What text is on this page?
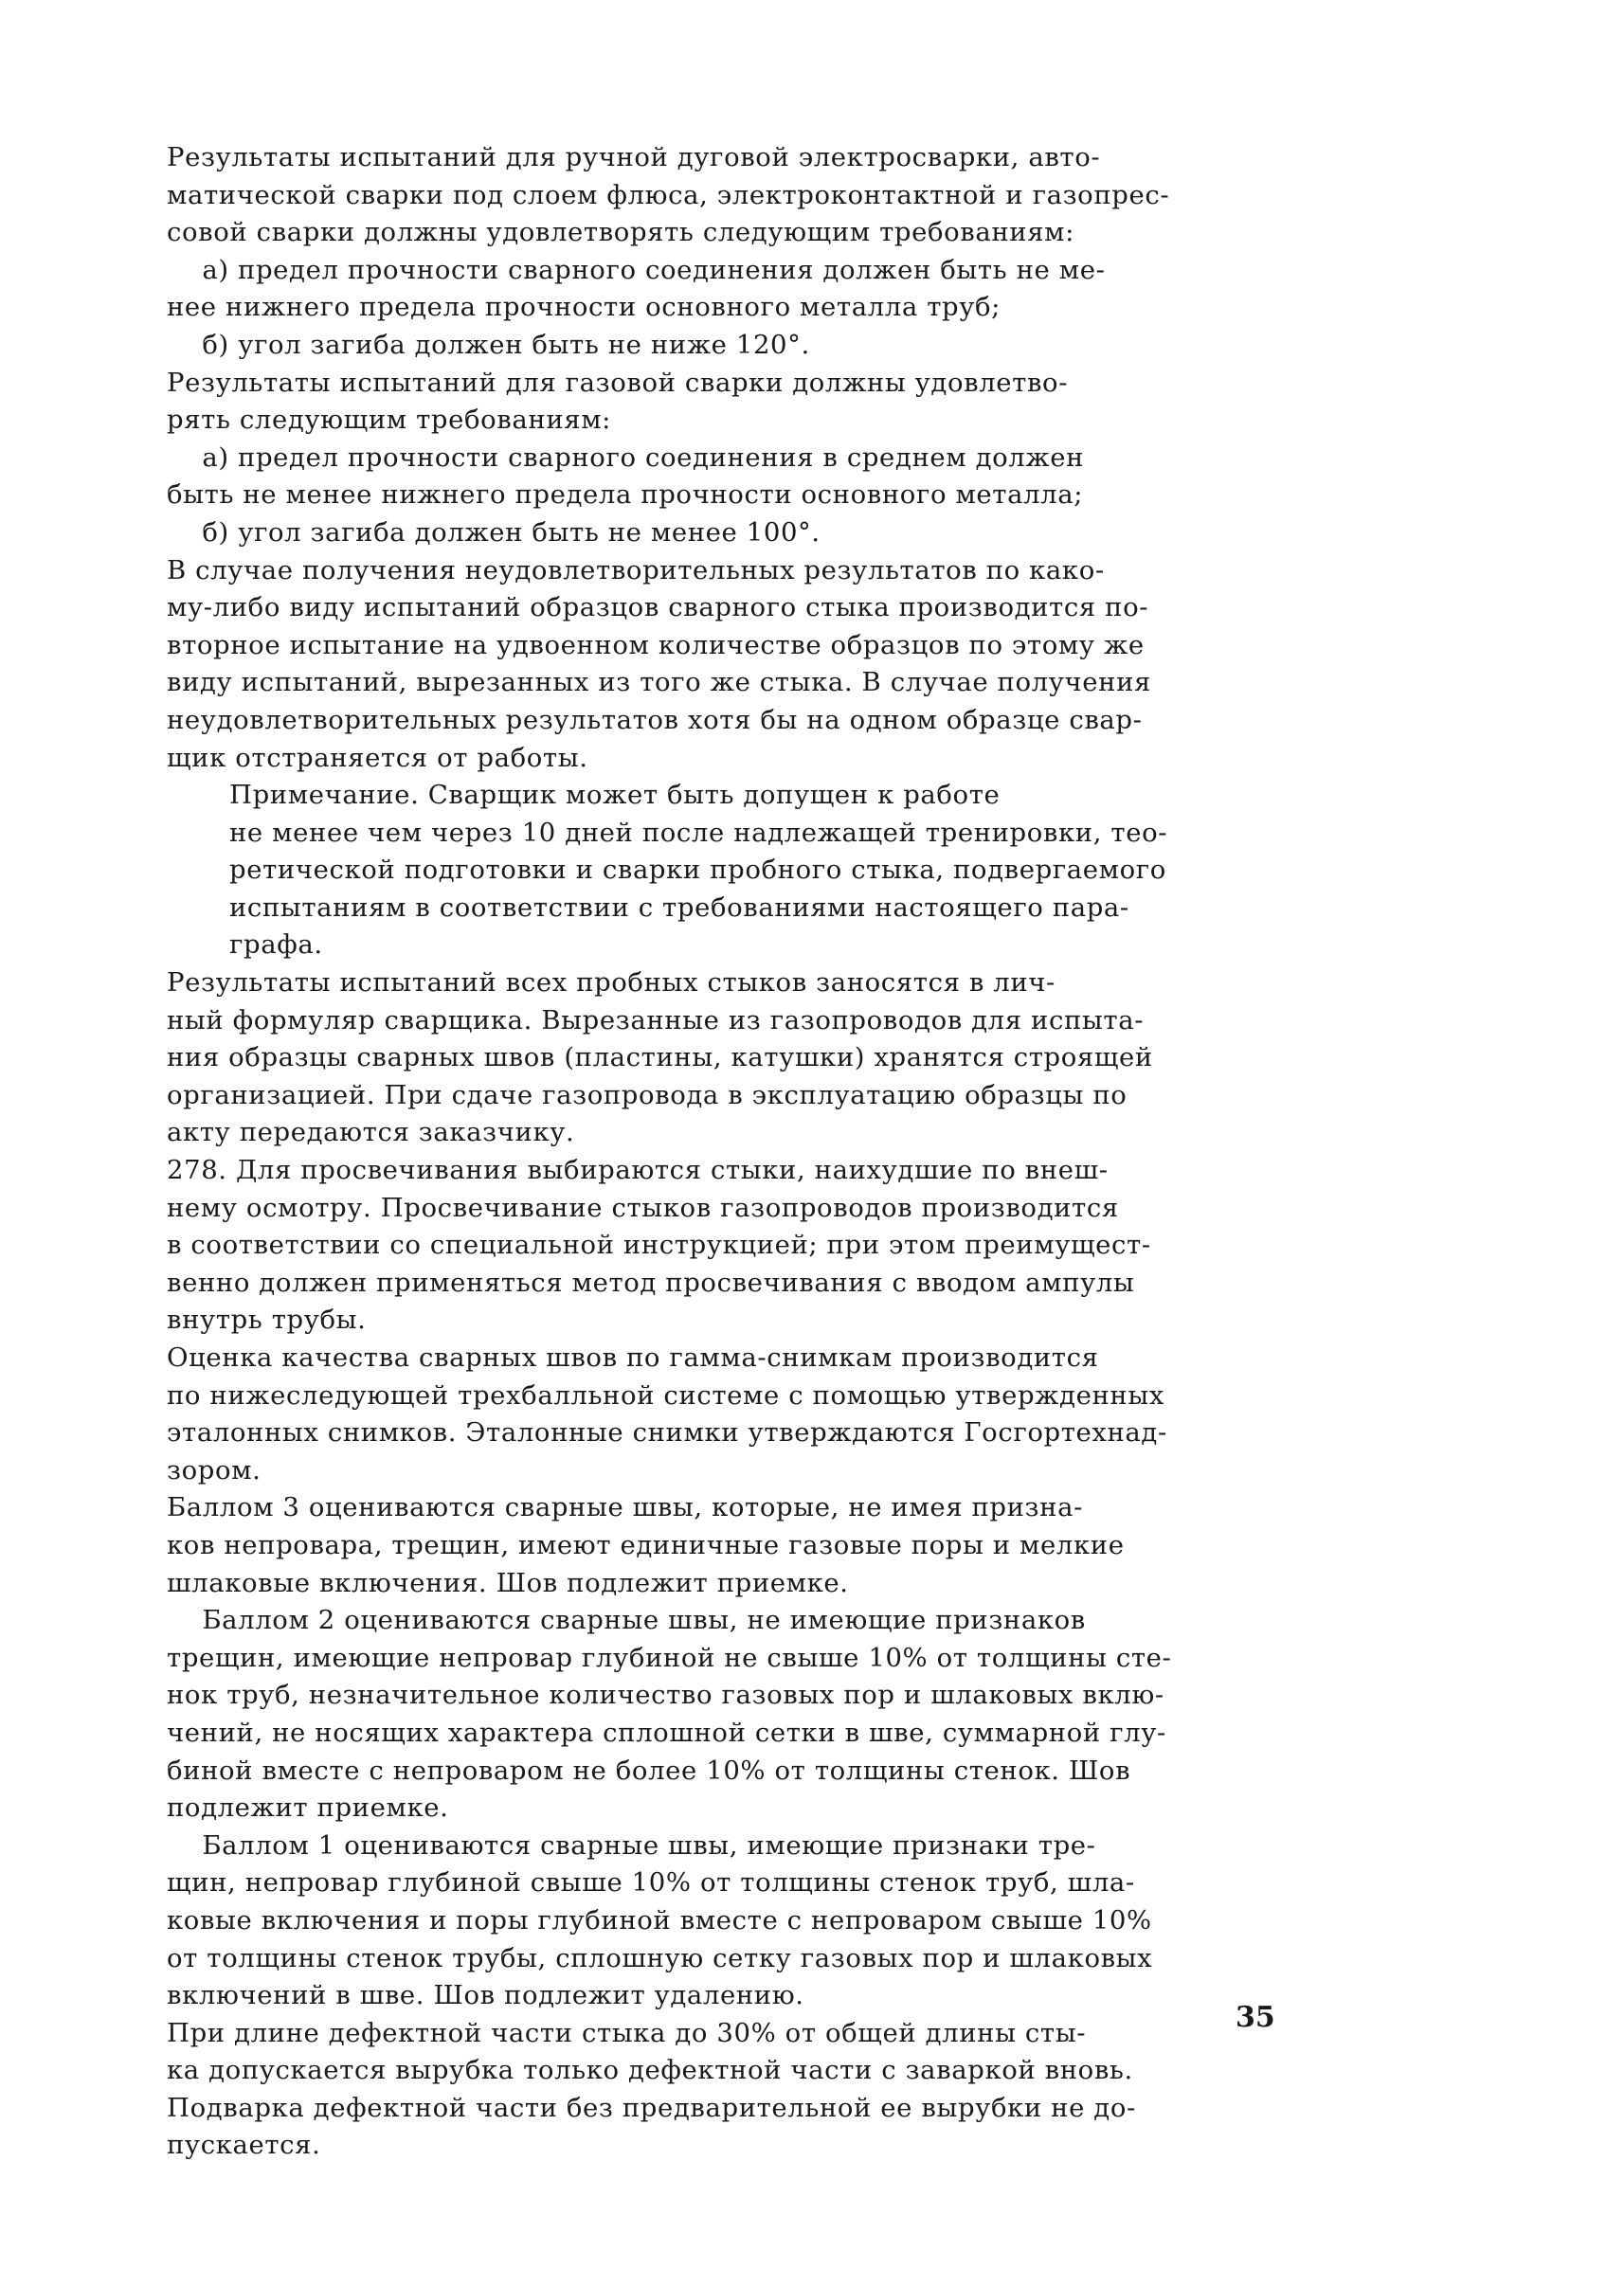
Результаты испытаний для ручной дуговой электросварки, авто-
матической сварки под слоем флюса, электроконтактной и газопрес-
совой сварки должны удовлетворять следующим требованиям:
а) предел прочности сварного соединения должен быть не ме-
нее нижнего предела прочности основного металла труб;
б) угол загиба должен быть не ниже 120°.
Результаты испытаний для газовой сварки должны удовлетво-
рять следующим требованиям:
а) предел прочности сварного соединения в среднем должен
быть не менее нижнего предела прочности основного металла;
б) угол загиба должен быть не менее 100°.
В случае получения неудовлетворительных результатов по како-
му-либо виду испытаний образцов сварного стыка производится по-
вторное испытание на удвоенном количестве образцов по этому же
виду испытаний, вырезанных из того же стыка. В случае получения
неудовлетворительных результатов хотя бы на одном образце свар-
щик отстраняется от работы.
Примечание. Сварщик может быть допущен к работе
не менее чем через 10 дней после надлежащей тренировки, тео-
ретической подготовки и сварки пробного стыка, подвергаемого
испытаниям в соответствии с требованиями настоящего пара-
графа.
Результаты испытаний всех пробных стыков заносятся в лич-
ный формуляр сварщика. Вырезанные из газопроводов для испыта-
ния образцы сварных швов (пластины, катушки) хранятся строящей
организацией. При сдаче газопровода в эксплуатацию образцы по
акту передаются заказчику.
278. Для просвечивания выбираются стыки, наихудшие по внеш-
нему осмотру. Просвечивание стыков газопроводов производится
в соответствии со специальной инструкцией; при этом преимущест-
венно должен применяться метод просвечивания с вводом ампулы
внутрь трубы.
Оценка качества сварных швов по гамма-снимкам производится
по нижеследующей трехбалльной системе с помощью утвержденных
эталонных снимков. Эталонные снимки утверждаются Госгортехнад-
зором.
Баллом 3 оцениваются сварные швы, которые, не имея призна-
ков непровара, трещин, имеют единичные газовые поры и мелкие
шлаковые включения. Шов подлежит приемке.
Баллом 2 оцениваются сварные швы, не имеющие признаков
трещин, имеющие непровар глубиной не свыше 10% от толщины сте-
нок труб, незначительное количество газовых пор и шлаковых вклю-
чений, не носящих характера сплошной сетки в шве, суммарной глу-
биной вместе с непроваром не более 10% от толщины стенок. Шов
подлежит приемке.
Баллом 1 оцениваются сварные швы, имеющие признаки тре-
щин, непровар глубиной свыше 10% от толщины стенок труб, шла-
ковые включения и поры глубиной вместе с непроваром свыше 10%
от толщины стенок трубы, сплошную сетку газовых пор и шлаковых
включений в шве. Шов подлежит удалению.
При длине дефектной части стыка до 30% от общей длины сты-
ка допускается вырубка только дефектной части с заваркой вновь.
Подварка дефектной части без предварительной ее вырубки не до-
пускается.
35
